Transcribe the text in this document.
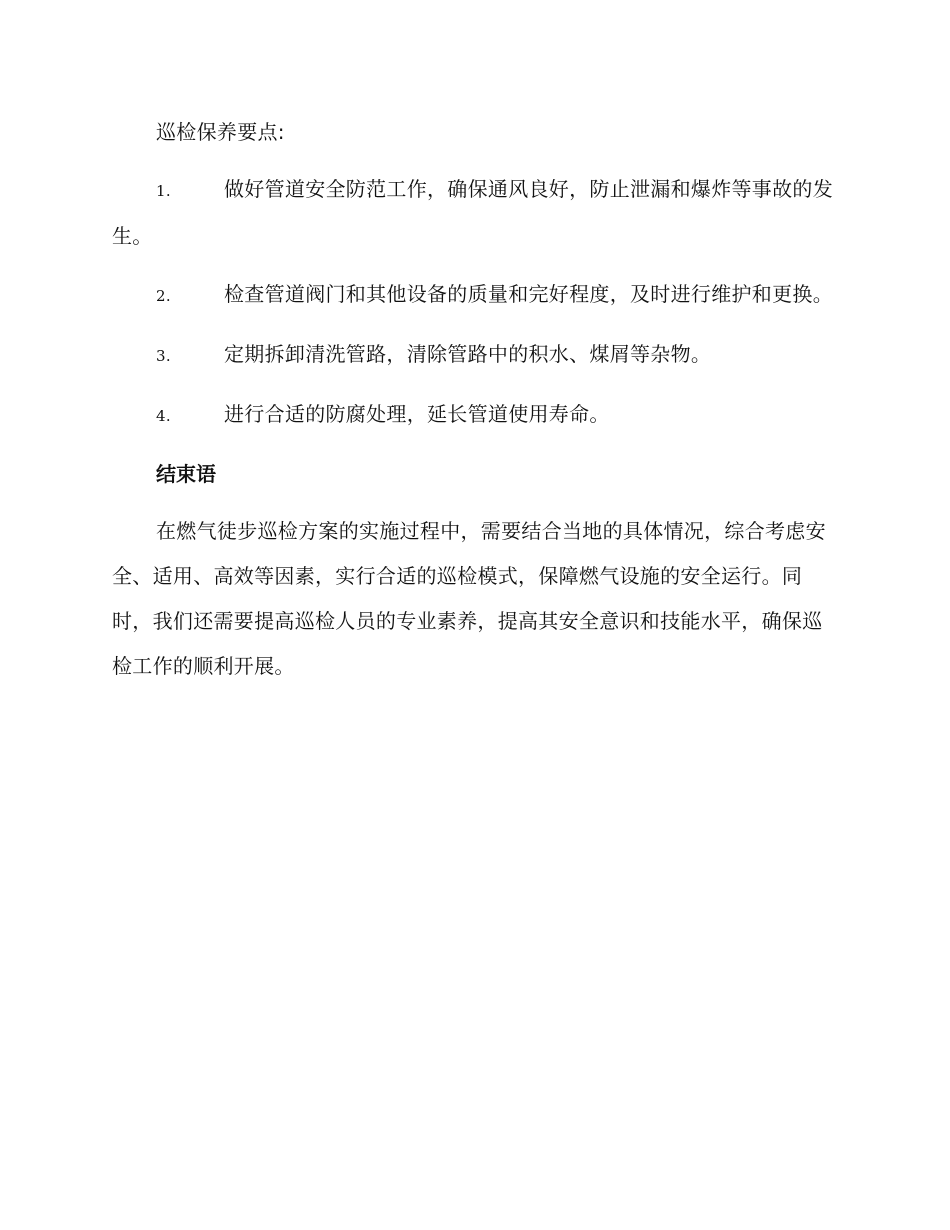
巡检保养要点:

1.	做好管道安全防范工作，确保通风良好，防止泄漏和爆炸等事故的发生。
2.	检查管道阀门和其他设备的质量和完好程度，及时进行维护和更换。
3.	定期拆卸清洗管路，清除管路中的积水、煤屑等杂物。
4.	进行合适的防腐处理，延长管道使用寿命。
结束语

在燃气徒步巡检方案的实施过程中，需要结合当地的具体情况，综合考虑安全、适用、高效等因素，实行合适的巡检模式，保障燃气设施的安全运行。同时，我们还需要提高巡检人员的专业素养，提高其安全意识和技能水平，确保巡检工作的顺利开展。
